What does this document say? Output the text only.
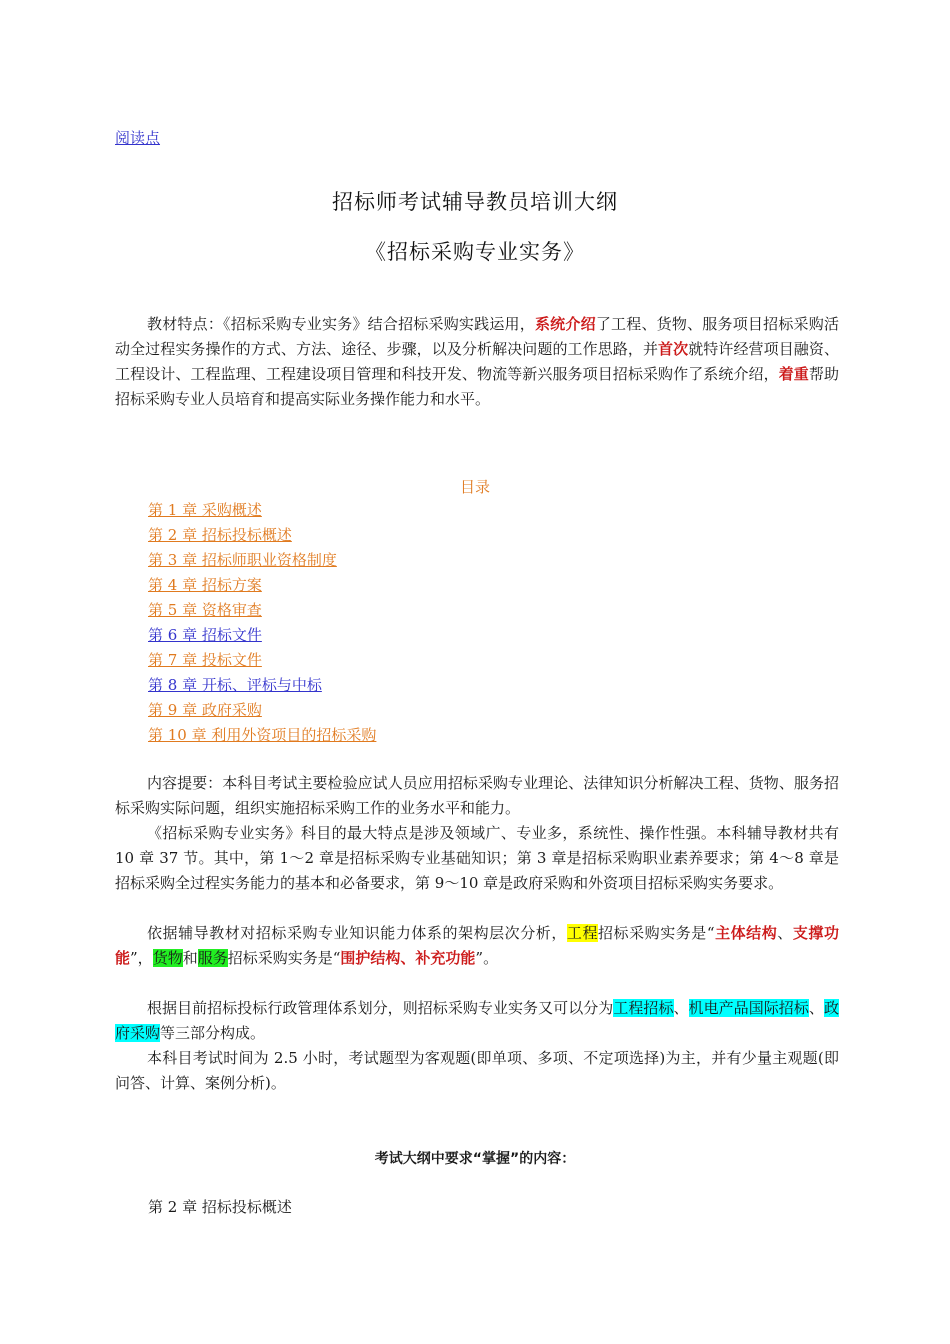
阅读点
招标师考试辅导教员培训大纲
《招标采购专业实务》

教材特点：《招标采购专业实务》结合招标采购实践运用，系统介绍了工程、货物、服务项目招标采购活动全过程实务操作的方式、方法、途径、步骤，以及分析解决问题的工作思路，并首次就特许经营项目融资、工程设计、工程监理、工程建设项目管理和科技开发、物流等新兴服务项目招标采购作了系统介绍，着重帮助招标采购专业人员培育和提高实际业务操作能力和水平。

目录
第 1 章 采购概述
第 2 章 招标投标概述
第 3 章 招标师职业资格制度
第 4 章 招标方案
第 5 章 资格审查
第 6 章 招标文件
第 7 章 投标文件
第 8 章 开标、评标与中标
第 9 章 政府采购
第 10 章 利用外资项目的招标采购

内容提要：本科目考试主要检验应试人员应用招标采购专业理论、法律知识分析解决工程、货物、服务招标采购实际问题，组织实施招标采购工作的业务水平和能力。

《招标采购专业实务》科目的最大特点是涉及领域广、专业多，系统性、操作性强。本科辅导教材共有 10 章 37 节。其中，第 1～2 章是招标采购专业基础知识；第 3 章是招标采购职业素养要求；第 4～8 章是招标采购全过程实务能力的基本和必备要求，第 9～10 章是政府采购和外资项目招标采购实务要求。

依据辅导教材对招标采购专业知识能力体系的架构层次分析，工程招标采购实务是“主体结构、支撑功能”，货物和服务招标采购实务是“围护结构、补充功能”。

根据目前招标投标行政管理体系划分，则招标采购专业实务又可以分为工程招标、机电产品国际招标、政府采购等三部分构成。

本科目考试时间为 2.5 小时，考试题型为客观题(即单项、多项、不定项选择)为主，并有少量主观题(即问答、计算、案例分析)。

考试大纲中要求“掌握”的内容：
第 2 章 招标投标概述
